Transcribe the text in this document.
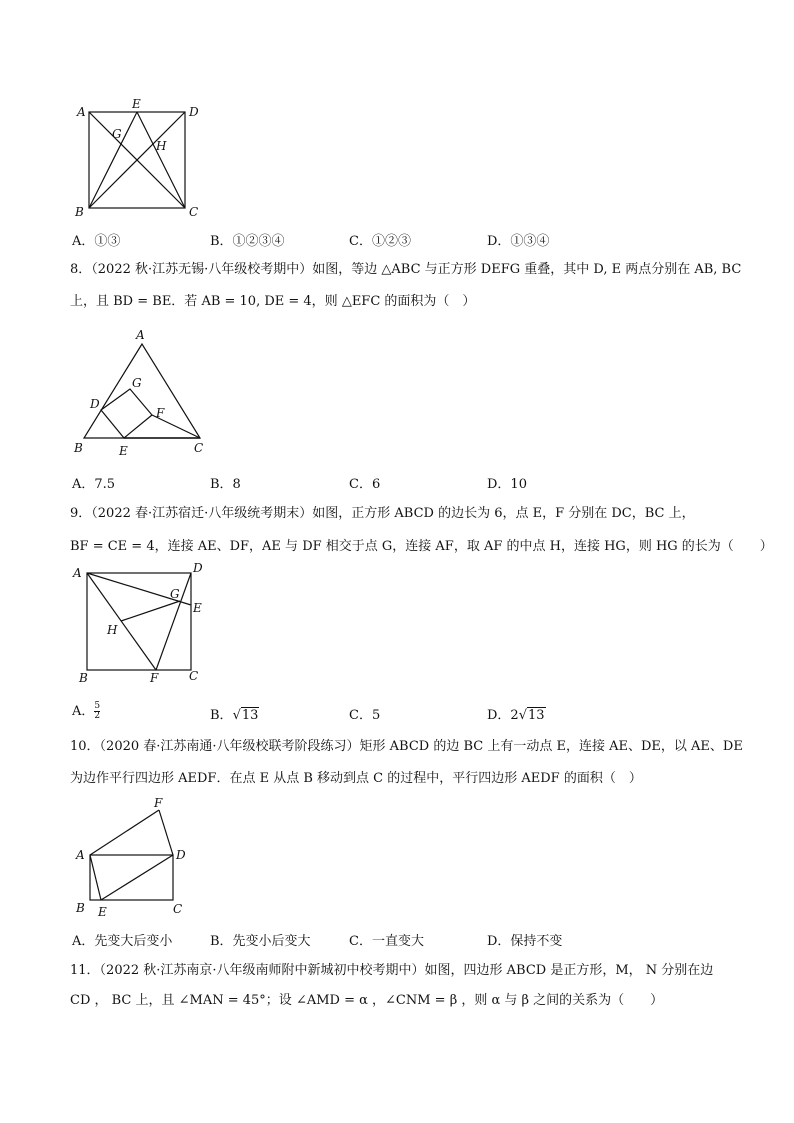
A
E
D
G
H
B	C
A．①③	B．①②③④	C．①②③	D．①③④
8．（2022 秋·江苏无锡·八年级校考期中）如图，等边 △ABC 与正方形 DEFG 重叠，其中 D, E 两点分别在 AB, BC
上，且 BD = BE．若 AB = 10, DE = 4，则 △EFC 的面积为（　）
A
G
D
F
B	E	C
A．7.5	B．8	C．6	D．10
9．（2022 春·江苏宿迁·八年级统考期末）如图，正方形 ABCD 的边长为 6，点 E，F 分别在 DC，BC 上，
BF = CE = 4，连接 AE、DF，AE 与 DF 相交于点 G，连接 AF，取 AF 的中点 H，连接 HG，则 HG 的长为（　　）
A	D
G
E
H
B	F	C
A． $\frac{5}{2}$	B．√13	C．5	D．2√13
10．（2020 春·江苏南通·八年级校联考阶段练习）矩形 ABCD 的边 BC 上有一动点 E，连接 AE、DE，以 AE、DE
为边作平行四边形 AEDF．在点 E 从点 B 移动到点 C 的过程中，平行四边形 AEDF 的面积（　）
F
A	D
B E	C
A．先变大后变小	B．先变小后变大	C．一直变大	D．保持不变
11．（2022 秋·江苏南京·八年级南师附中新城初中校考期中）如图，四边形 ABCD 是正方形，M， N 分别在边
CD ， BC 上，且 ∠MAN = 45°；设 ∠AMD = α ，∠CNM = β ，则 α 与 β 之间的关系为（　　）
